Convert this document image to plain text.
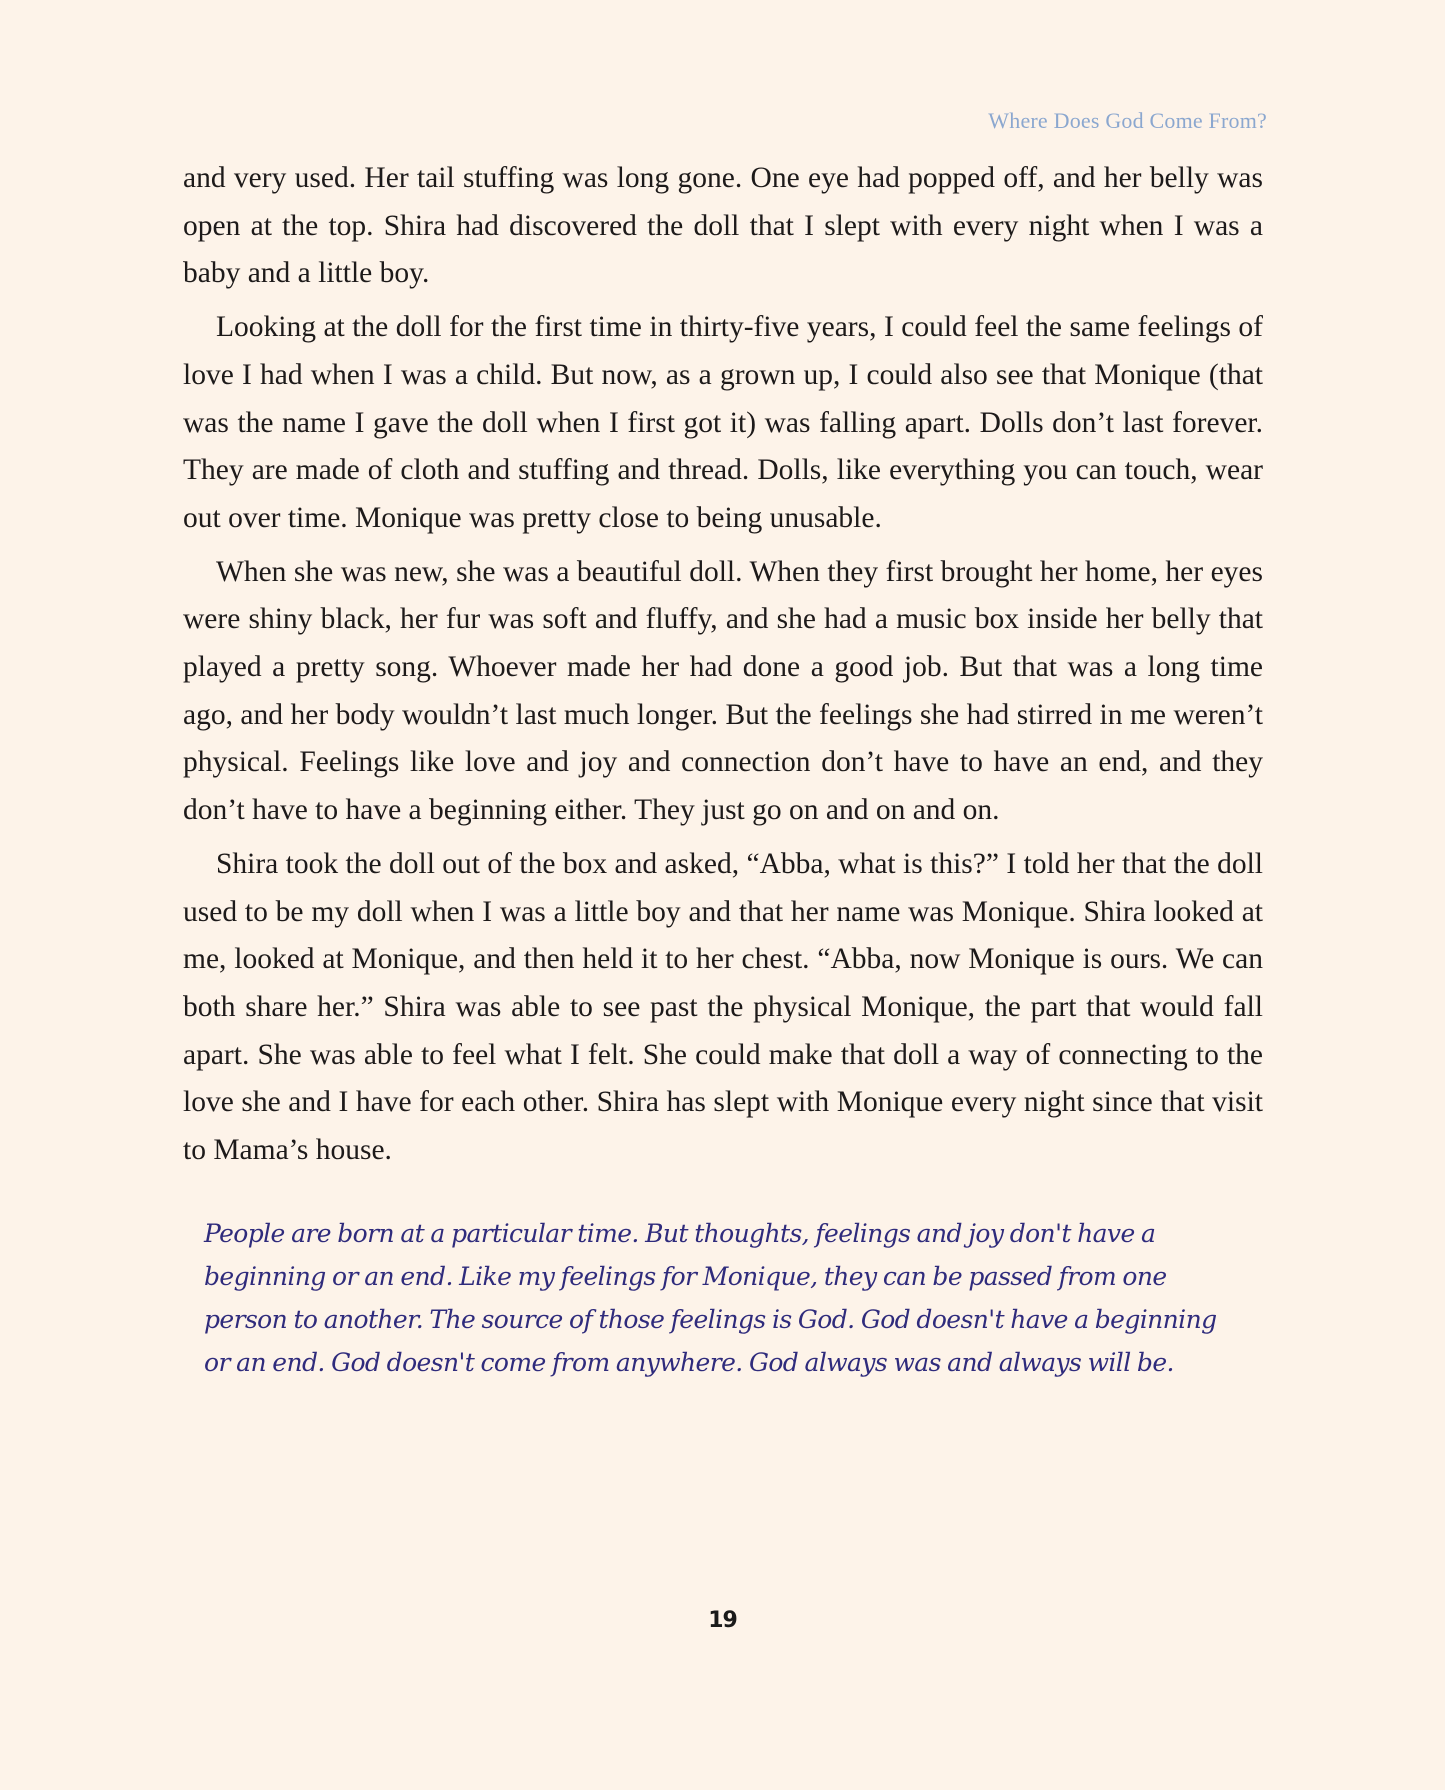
Where Does God Come From?

and very used. Her tail stuffing was long gone. One eye had popped off, and her belly was open at the top. Shira had discovered the doll that I slept with every night when I was a baby and a little boy.

Looking at the doll for the first time in thirty-five years, I could feel the same feelings of love I had when I was a child. But now, as a grown up, I could also see that Monique (that was the name I gave the doll when I first got it) was falling apart. Dolls don’t last forever. They are made of cloth and stuffing and thread. Dolls, like everything you can touch, wear out over time. Monique was pretty close to being unusable.

When she was new, she was a beautiful doll. When they first brought her home, her eyes were shiny black, her fur was soft and fluffy, and she had a music box inside her belly that played a pretty song. Whoever made her had done a good job. But that was a long time ago, and her body wouldn’t last much longer. But the feelings she had stirred in me weren’t physical. Feelings like love and joy and connection don’t have to have an end, and they don’t have to have a beginning either. They just go on and on and on.

Shira took the doll out of the box and asked, “Abba, what is this?” I told her that the doll used to be my doll when I was a little boy and that her name was Monique. Shira looked at me, looked at Monique, and then held it to her chest. “Abba, now Monique is ours. We can both share her.” Shira was able to see past the physical Monique, the part that would fall apart. She was able to feel what I felt. She could make that doll a way of connecting to the love she and I have for each other. Shira has slept with Monique every night since that visit to Mama’s house.

People are born at a particular time. But thoughts, feelings and joy don't have a beginning or an end. Like my feelings for Monique, they can be passed from one person to another. The source of those feelings is God. God doesn't have a beginning or an end. God doesn't come from anywhere. God always was and always will be.

19
